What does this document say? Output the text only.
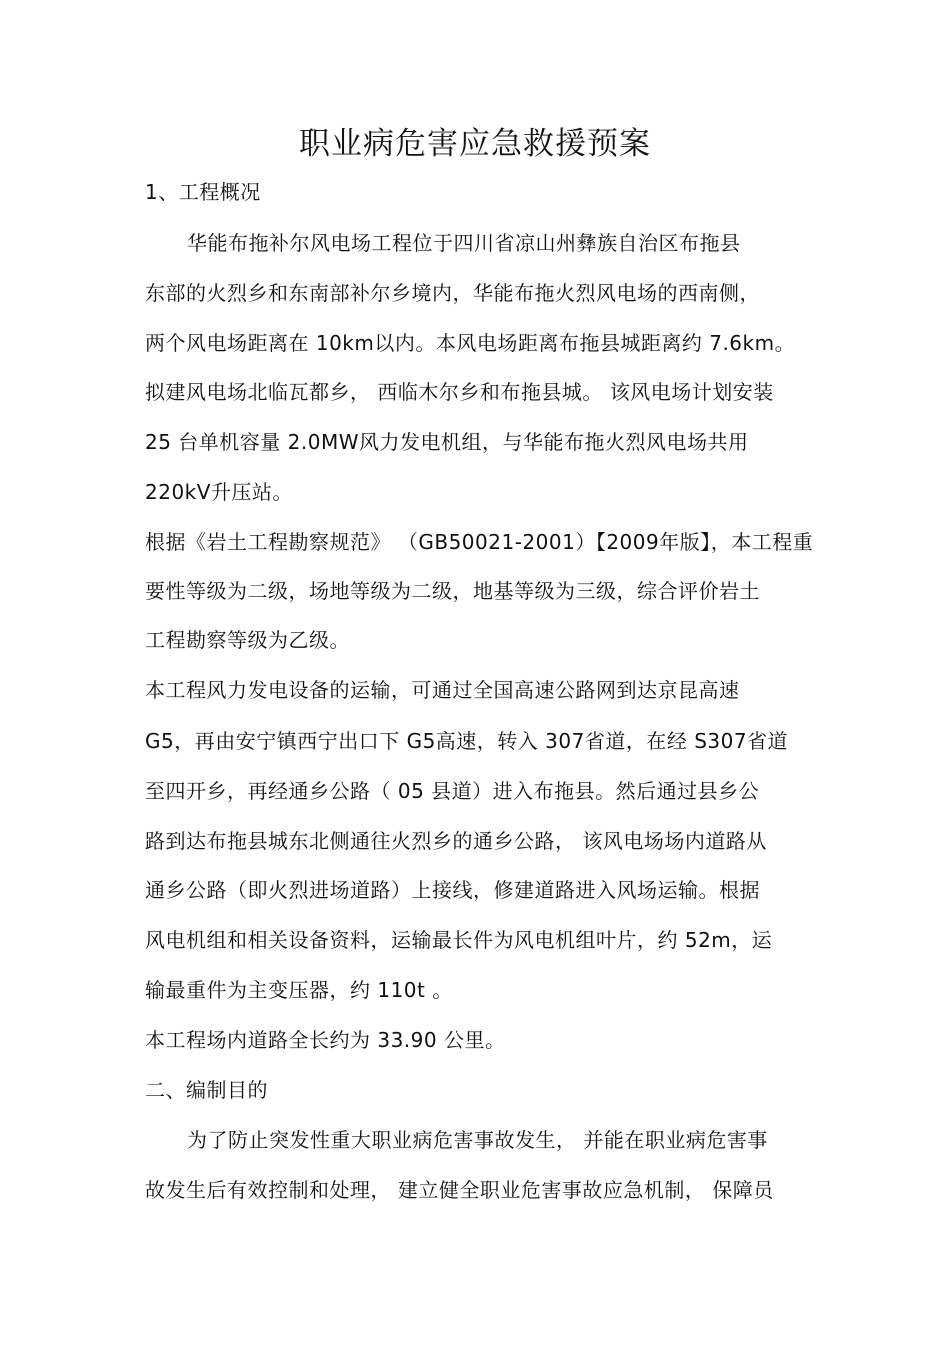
职业病危害应急救援预案
1、工程概况
华能布拖补尔风电场工程位于四川省凉山州彝族自治区布拖县
东部的火烈乡和东南部补尔乡境内，华能布拖火烈风电场的西南侧，
两个风电场距离在 10km以内。本风电场距离布拖县城距离约 7.6km。
拟建风电场北临瓦都乡， 西临木尔乡和布拖县城。 该风电场计划安装
25 台单机容量 2.0MW风力发电机组，与华能布拖火烈风电场共用
220kV升压站。
根据《岩土工程勘察规范》 （GB50021-2001）【2009年版】，本工程重
要性等级为二级，场地等级为二级，地基等级为三级，综合评价岩土
工程勘察等级为乙级。
本工程风力发电设备的运输，可通过全国高速公路网到达京昆高速
G5，再由安宁镇西宁出口下 G5高速，转入 307省道，在经 S307省道
至四开乡，再经通乡公路（ 05 县道）进入布拖县。然后通过县乡公
路到达布拖县城东北侧通往火烈乡的通乡公路， 该风电场场内道路从
通乡公路（即火烈进场道路）上接线，修建道路进入风场运输。根据
风电机组和相关设备资料，运输最长件为风电机组叶片，约 52m，运
输最重件为主变压器，约 110t 。
本工程场内道路全长约为 33.90 公里。
二、编制目的
为了防止突发性重大职业病危害事故发生， 并能在职业病危害事
故发生后有效控制和处理， 建立健全职业危害事故应急机制， 保障员
